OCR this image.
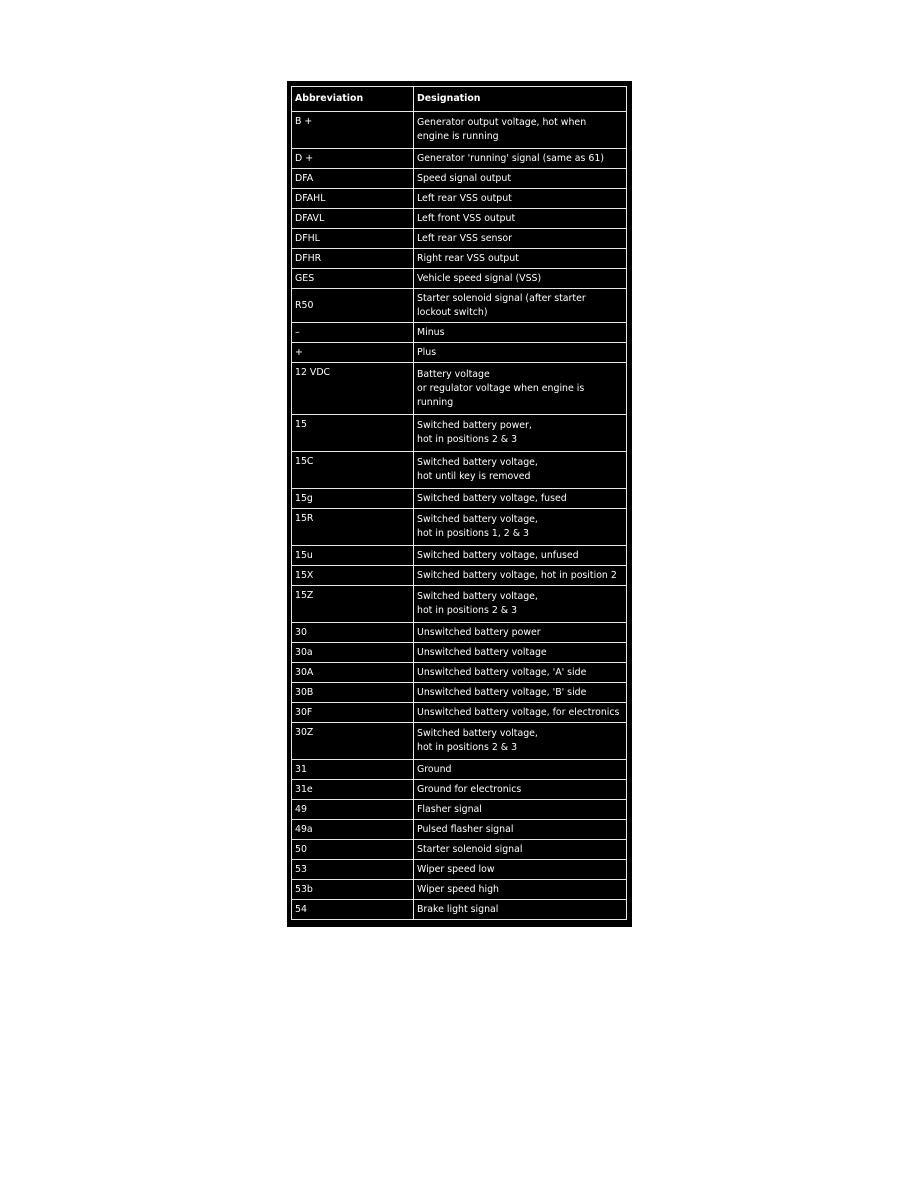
Abbreviation	Designation
B +	Generator output voltage, hot when
engine is running
D +	Generator 'running' signal (same as 61)
DFA	Speed signal output
DFAHL	Left rear VSS output
DFAVL	Left front VSS output
DFHL	Left rear VSS sensor
DFHR	Right rear VSS output
GES	Vehicle speed signal (VSS)
R50	Starter solenoid signal (after starter
lockout switch)
–	Minus
+	Plus
12 VDC	Battery voltage
or regulator voltage when engine is
running
15	Switched battery power,
hot in positions 2 & 3
15C	Switched battery voltage,
hot until key is removed
15g	Switched battery voltage, fused
15R	Switched battery voltage,
hot in positions 1, 2 & 3
15u	Switched battery voltage, unfused
15X	Switched battery voltage, hot in position 2
15Z	Switched battery voltage,
hot in positions 2 & 3
30	Unswitched battery power
30a	Unswitched battery voltage
30A	Unswitched battery voltage, 'A' side
30B	Unswitched battery voltage, 'B' side
30F	Unswitched battery voltage, for electronics
30Z	Switched battery voltage,
hot in positions 2 & 3
31	Ground
31e	Ground for electronics
49	Flasher signal
49a	Pulsed flasher signal
50	Starter solenoid signal
53	Wiper speed low
53b	Wiper speed high
54	Brake light signal
